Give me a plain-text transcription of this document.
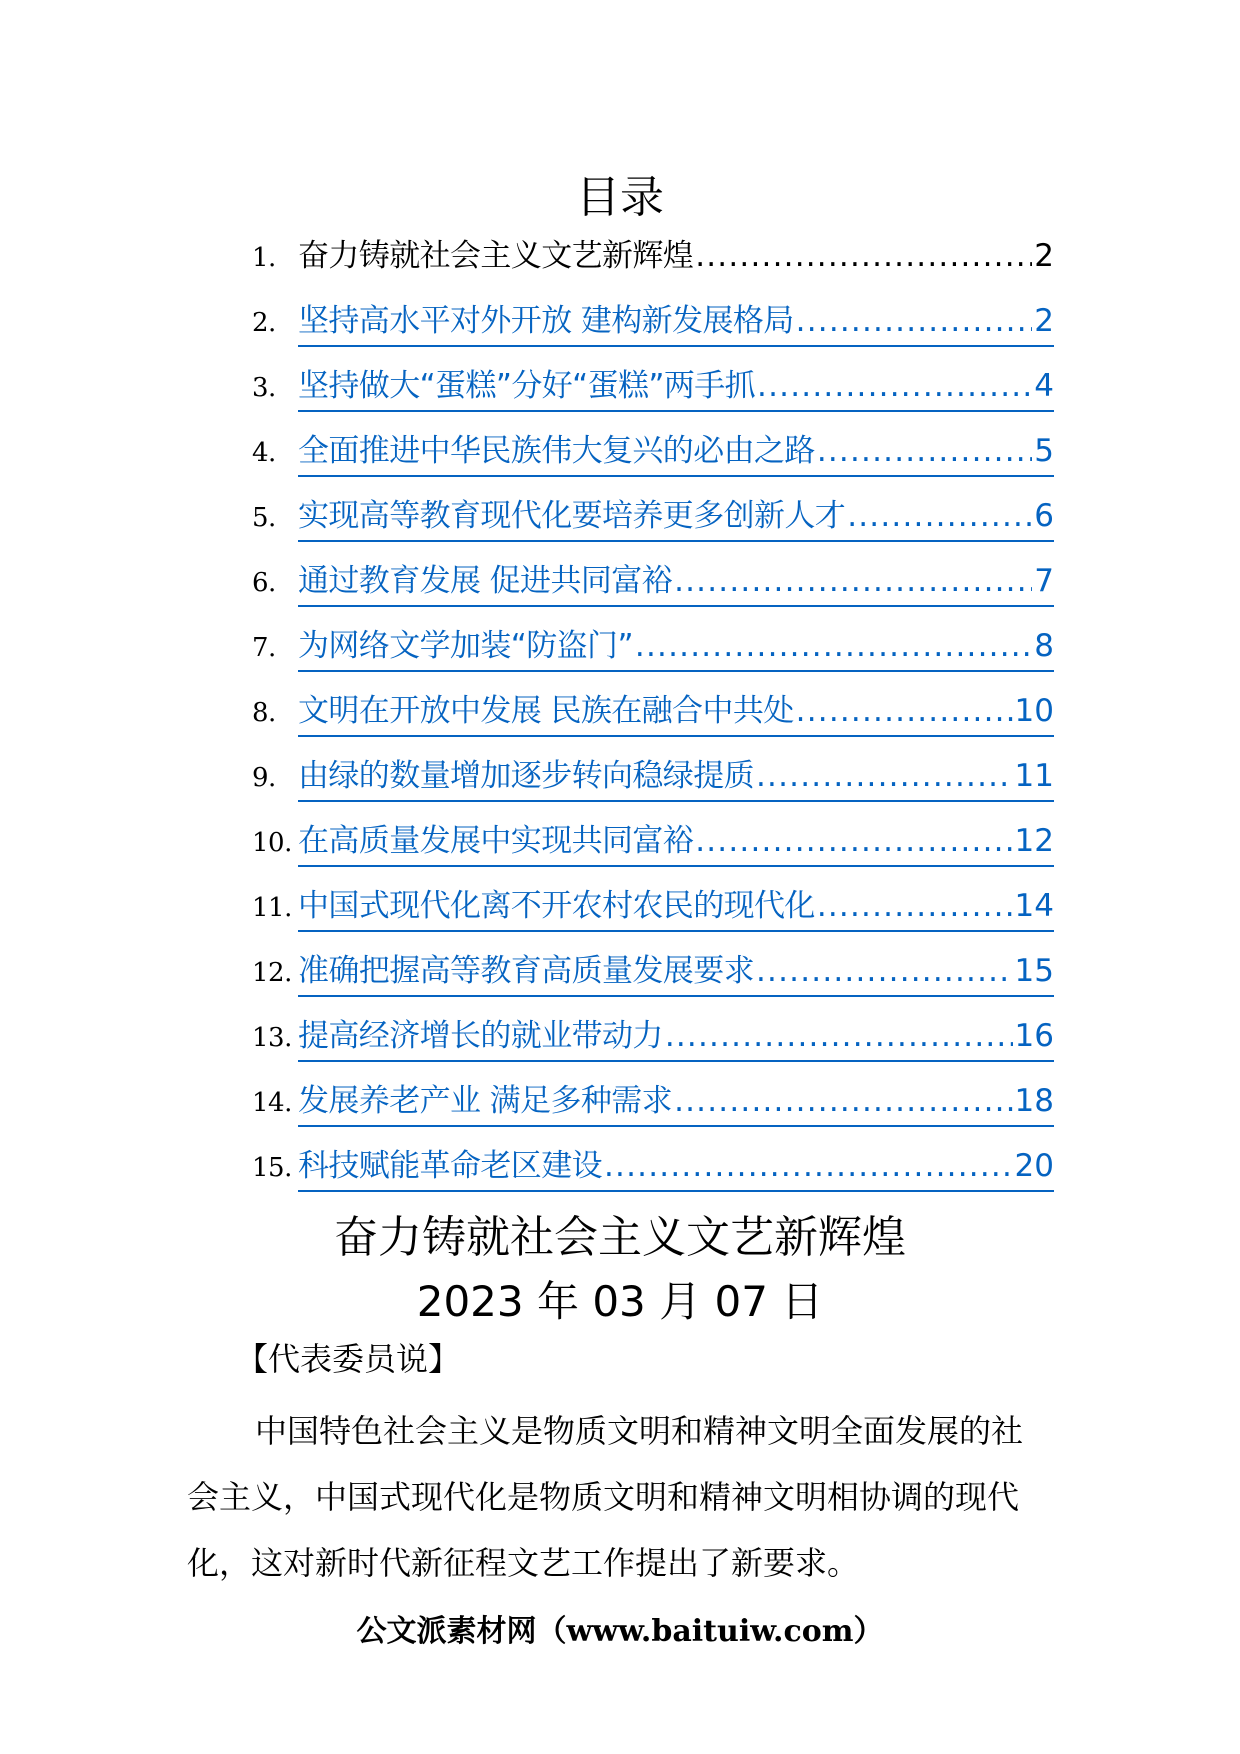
目录
1. 奋力铸就社会主义文艺新辉煌 .....	2
2. 坚持高水平对外开放 建构新发展格局 .....	2
3. 坚持做大“蛋糕”分好“蛋糕”两手抓 .....	4
4. 全面推进中华民族伟大复兴的必由之路 .....	5
5. 实现高等教育现代化要培养更多创新人才 .....	6
6. 通过教育发展 促进共同富裕 .....	7
7. 为网络文学加装“防盗门” .....	8
8. 文明在开放中发展 民族在融合中共处 .....	10
9. 由绿的数量增加逐步转向稳绿提质 .....	11
10. 在高质量发展中实现共同富裕 .....	12
11. 中国式现代化离不开农村农民的现代化 .....	14
12. 准确把握高等教育高质量发展要求 .....	15
13. 提高经济增长的就业带动力 .....	16
14. 发展养老产业 满足多种需求 .....	18
15. 科技赋能革命老区建设 .....	20
奋力铸就社会主义文艺新辉煌
2023 年 03 月 07 日
【代表委员说】

中国特色社会主义是物质文明和精神文明全面发展的社会主义，中国式现代化是物质文明和精神文明相协调的现代化，这对新时代新征程文艺工作提出了新要求。

公文派素材网（www.baituiw.com）
